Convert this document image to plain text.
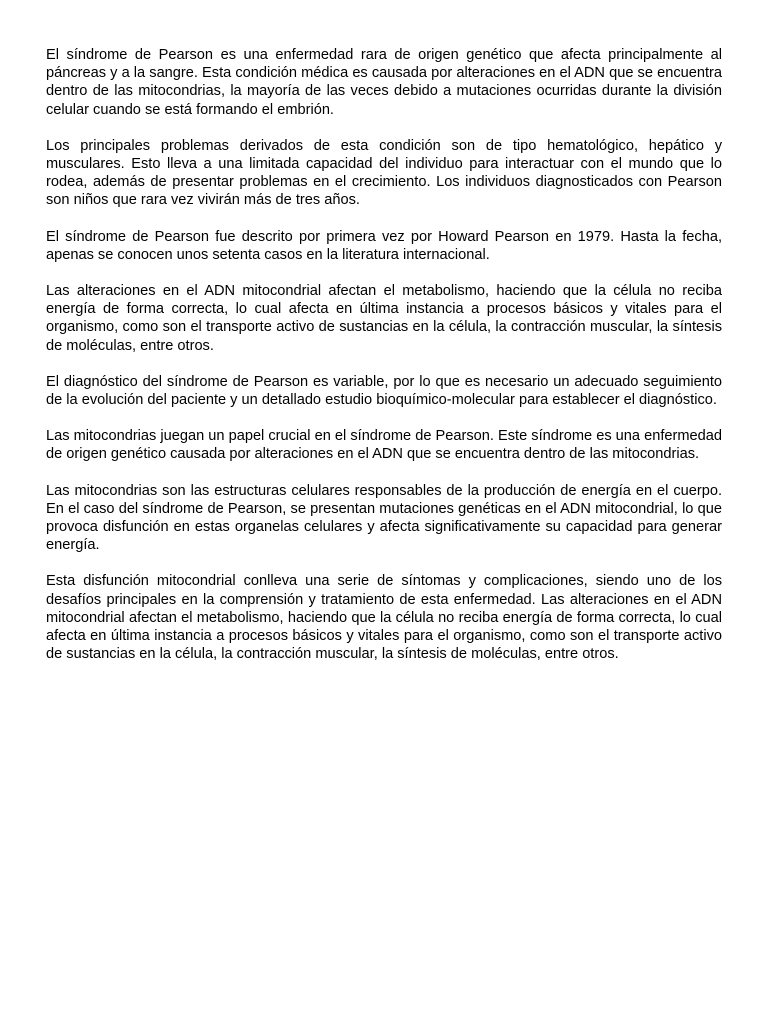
El síndrome de Pearson es una enfermedad rara de origen genético que afecta principalmente al páncreas y a la sangre. Esta condición médica es causada por alteraciones en el ADN que se encuentra dentro de las mitocondrias, la mayoría de las veces debido a mutaciones ocurridas durante la división celular cuando se está formando el embrión.

Los principales problemas derivados de esta condición son de tipo hematológico, hepático y musculares. Esto lleva a una limitada capacidad del individuo para interactuar con el mundo que lo rodea, además de presentar problemas en el crecimiento. Los individuos diagnosticados con Pearson son niños que rara vez vivirán más de tres años.

El síndrome de Pearson fue descrito por primera vez por Howard Pearson en 1979. Hasta la fecha, apenas se conocen unos setenta casos en la literatura internacional.

Las alteraciones en el ADN mitocondrial afectan el metabolismo, haciendo que la célula no reciba energía de forma correcta, lo cual afecta en última instancia a procesos básicos y vitales para el organismo, como son el transporte activo de sustancias en la célula, la contracción muscular, la síntesis de moléculas, entre otros.

El diagnóstico del síndrome de Pearson es variable, por lo que es necesario un adecuado seguimiento de la evolución del paciente y un detallado estudio bioquímico-molecular para establecer el diagnóstico.

Las mitocondrias juegan un papel crucial en el síndrome de Pearson. Este síndrome es una enfermedad de origen genético causada por alteraciones en el ADN que se encuentra dentro de las mitocondrias.

Las mitocondrias son las estructuras celulares responsables de la producción de energía en el cuerpo. En el caso del síndrome de Pearson, se presentan mutaciones genéticas en el ADN mitocondrial, lo que provoca disfunción en estas organelas celulares y afecta significativamente su capacidad para generar energía.

Esta disfunción mitocondrial conlleva una serie de síntomas y complicaciones, siendo uno de los desafíos principales en la comprensión y tratamiento de esta enfermedad. Las alteraciones en el ADN mitocondrial afectan el metabolismo, haciendo que la célula no reciba energía de forma correcta, lo cual afecta en última instancia a procesos básicos y vitales para el organismo, como son el transporte activo de sustancias en la célula, la contracción muscular, la síntesis de moléculas, entre otros.
